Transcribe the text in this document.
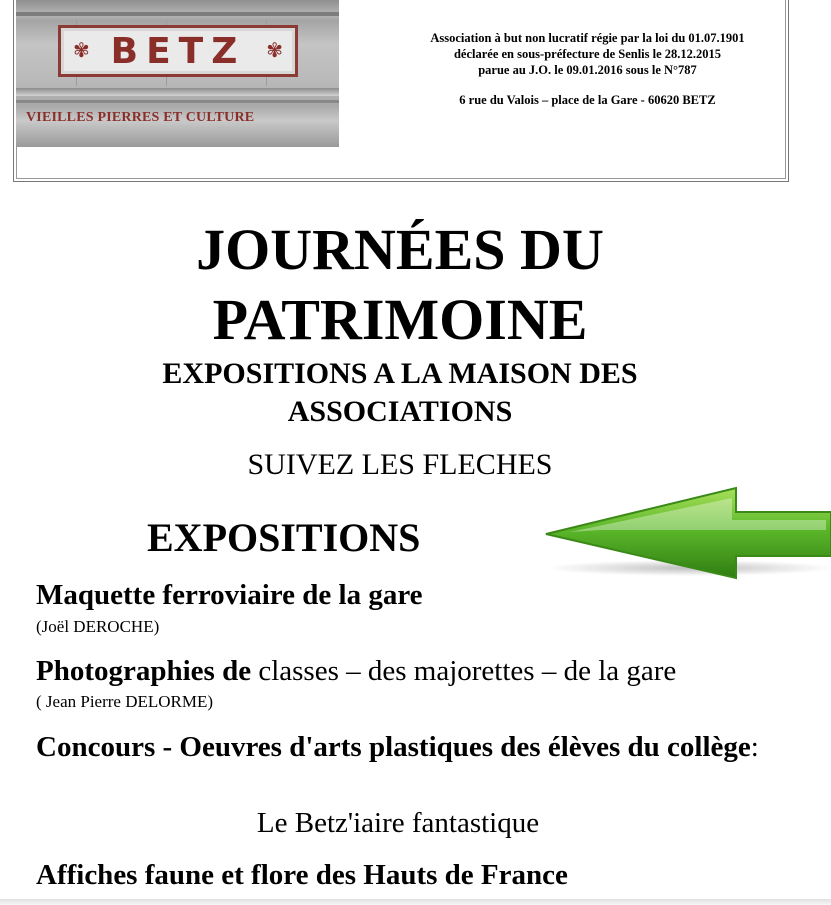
✾ BETZ ✾
VIEILLES PIERRES ET CULTURE

Association à but non lucratif régie par la loi du 01.07.1901

déclarée en sous-préfecture de Senlis le 28.12.2015

parue au J.O. le 09.01.2016 sous le N°787

6 rue du Valois – place de la Gare - 60620 BETZ

JOURNÉES DU
PATRIMOINE
EXPOSITIONS A LA MAISON DES
ASSOCIATIONS
SUIVEZ LES FLECHES
EXPOSITIONS
Maquette ferroviaire de la gare
(Joël DEROCHE)
Photographies de classes – des majorettes – de la gare
( Jean Pierre DELORME)
Concours - Oeuvres d'arts plastiques des élèves du collège:
Le Betz'iaire fantastique
Affiches faune et flore des Hauts de France
